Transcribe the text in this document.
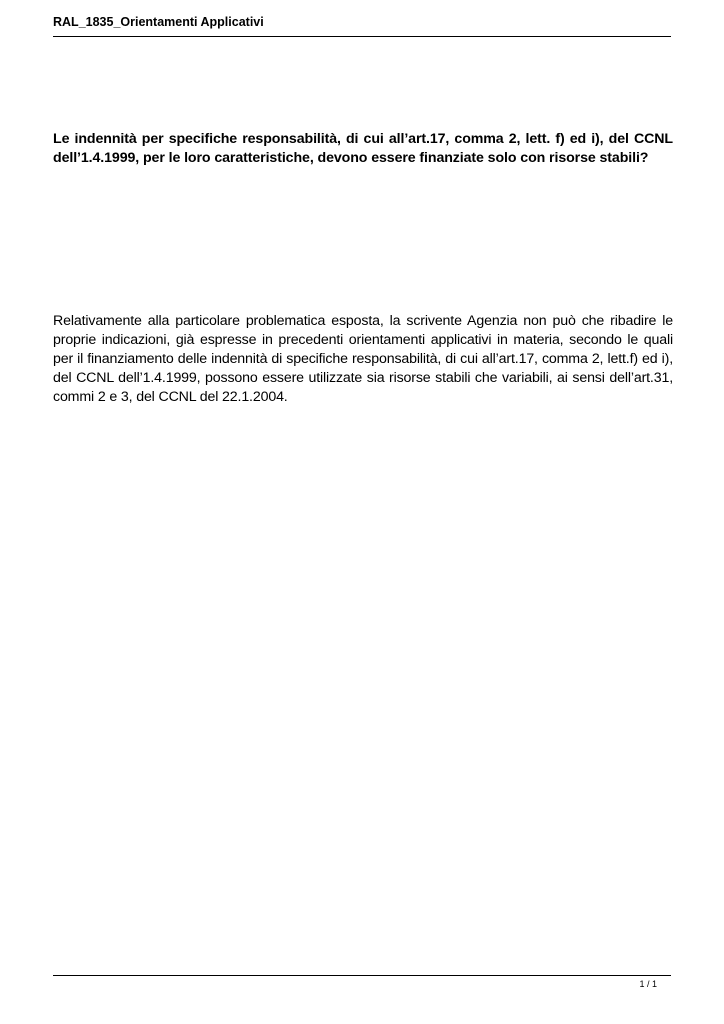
RAL_1835_Orientamenti Applicativi

Le indennità per specifiche responsabilità, di cui all’art.17, comma 2, lett. f) ed i), del CCNL dell’1.4.1999, per le loro caratteristiche, devono essere finanziate solo con risorse stabili?

Relativamente alla particolare problematica esposta, la scrivente Agenzia non può che ribadire le proprie indicazioni, già espresse in precedenti orientamenti applicativi in materia, secondo le quali per il finanziamento delle indennità di specifiche responsabilità, di cui all’art.17, comma 2, lett.f) ed i), del CCNL dell’1.4.1999, possono essere utilizzate sia risorse stabili che variabili, ai sensi dell’art.31, commi 2 e 3, del CCNL del 22.1.2004.

1 / 1
